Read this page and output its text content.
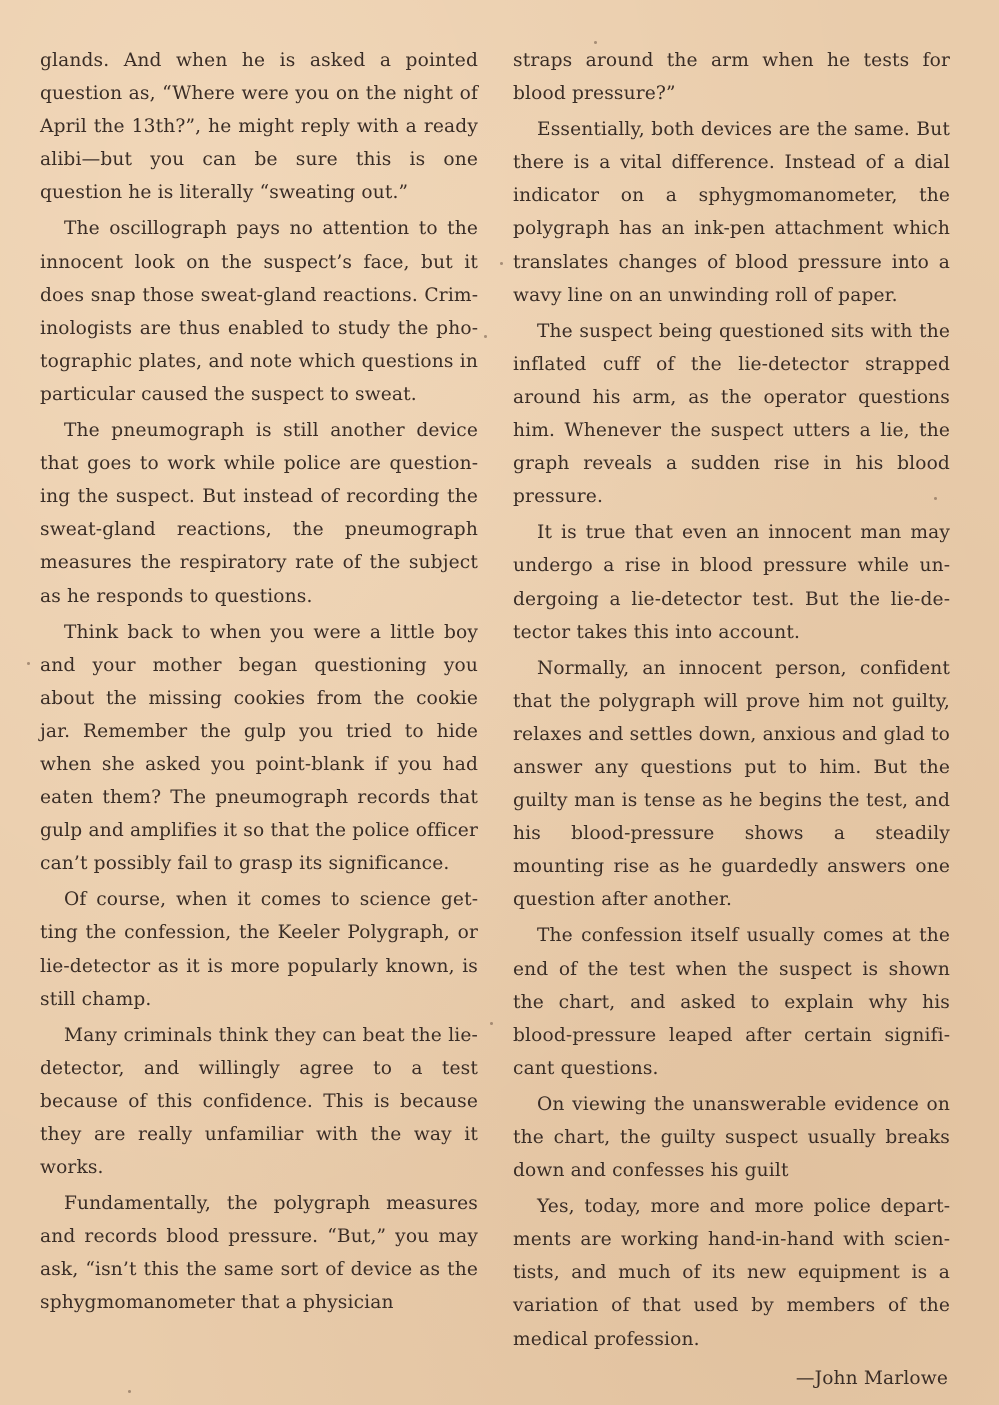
glands. And when he is asked a pointed question as, “Where were you on the night of April the 13th?”, he might reply with a ready alibi—but you can be sure this is one question he is literally “sweating out.”

The oscillograph pays no attention to the innocent look on the suspect’s face, but it does snap those sweat-gland reactions. Criminologists are thus enabled to study the photographic plates, and note which questions in particular caused the suspect to sweat.

The pneumograph is still another device that goes to work while police are questioning the suspect. But instead of recording the sweat-gland reactions, the pneumograph measures the respiratory rate of the subject as he responds to questions.

Think back to when you were a little boy and your mother began questioning you about the missing cookies from the cookie jar. Remember the gulp you tried to hide when she asked you point-blank if you had eaten them? The pneumograph records that gulp and amplifies it so that the police officer can’t possibly fail to grasp its significance.

Of course, when it comes to science getting the confession, the Keeler Polygraph, or lie-detector as it is more popularly known, is still champ.

Many criminals think they can beat the lie-detector, and willingly agree to a test because of this confidence. This is because they are really unfamiliar with the way it works.

Fundamentally, the polygraph measures and records blood pressure. “But,” you may ask, “isn’t this the same sort of device as the sphygmomanometer that a physician

straps around the arm when he tests for blood pressure?”

Essentially, both devices are the same. But there is a vital difference. Instead of a dial indicator on a sphygmomanometer, the polygraph has an ink-pen attachment which translates changes of blood pressure into a wavy line on an unwinding roll of paper.

The suspect being questioned sits with the inflated cuff of the lie-detector strapped around his arm, as the operator questions him. Whenever the suspect utters a lie, the graph reveals a sudden rise in his blood pressure.

It is true that even an innocent man may undergo a rise in blood pressure while undergoing a lie-detector test. But the lie-detector takes this into account.

Normally, an innocent person, confident that the polygraph will prove him not guilty, relaxes and settles down, anxious and glad to answer any questions put to him. But the guilty man is tense as he begins the test, and his blood-pressure shows a steadily mounting rise as he guardedly answers one question after another.

The confession itself usually comes at the end of the test when the suspect is shown the chart, and asked to explain why his blood-pressure leaped after certain significant questions.

On viewing the unanswerable evidence on the chart, the guilty suspect usually breaks down and confesses his guilt

Yes, today, more and more police departments are working hand-in-hand with scientists, and much of its new equipment is a variation of that used by members of the medical profession.

—John Marlowe
